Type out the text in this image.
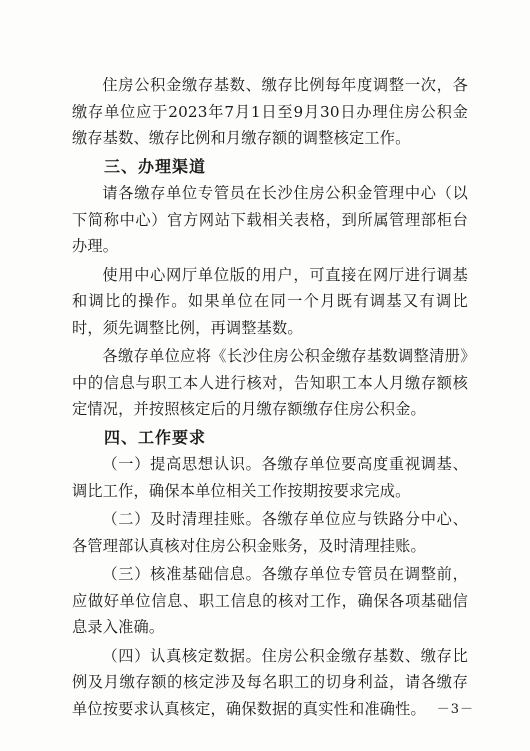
住房公积金缴存基数、缴存比例每年度调整一次，各缴存单位应于2023年7月1日至9月30日办理住房公积金缴存基数、缴存比例和月缴存额的调整核定工作。

三、办理渠道

请各缴存单位专管员在长沙住房公积金管理中心（以下简称中心）官方网站下载相关表格，到所属管理部柜台办理。

使用中心网厅单位版的用户，可直接在网厅进行调基和调比的操作。如果单位在同一个月既有调基又有调比时，须先调整比例，再调整基数。

各缴存单位应将《长沙住房公积金缴存基数调整清册》中的信息与职工本人进行核对，告知职工本人月缴存额核定情况，并按照核定后的月缴存额缴存住房公积金。

四、工作要求

（一）提高思想认识。各缴存单位要高度重视调基、调比工作，确保本单位相关工作按期按要求完成。

（二）及时清理挂账。各缴存单位应与铁路分中心、各管理部认真核对住房公积金账务，及时清理挂账。

（三）核准基础信息。各缴存单位专管员在调整前，应做好单位信息、职工信息的核对工作，确保各项基础信息录入准确。

（四）认真核定数据。住房公积金缴存基数、缴存比例及月缴存额的核定涉及每名职工的切身利益，请各缴存单位按要求认真核定，确保数据的真实性和准确性。 －3－
